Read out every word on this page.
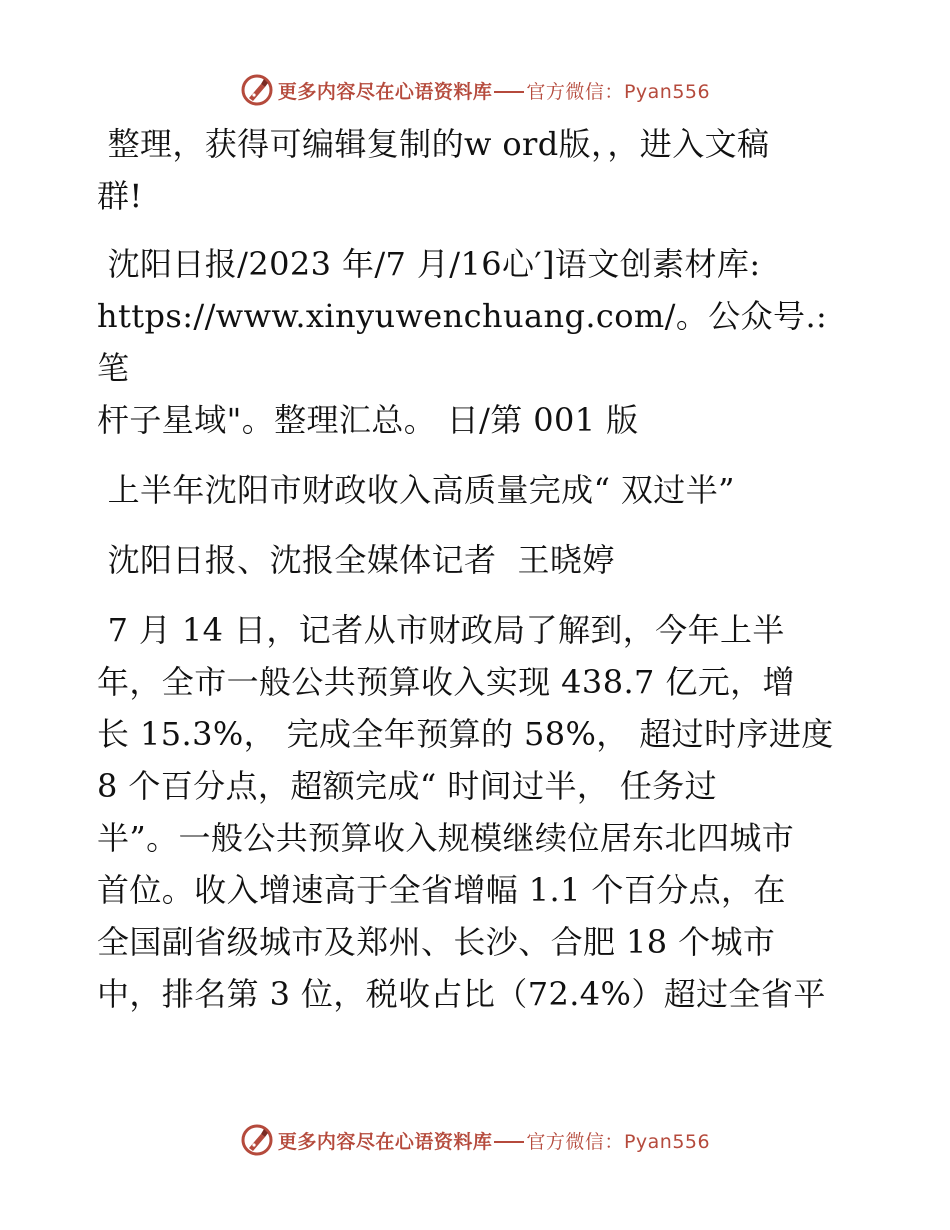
更多内容尽在心语资料库 官方微信：Pyan556

整理，获得可编辑复制的w ord版，，进入文稿
群!

沈阳日报/2023 年/7 月/16心′]语文创素材库:
https://www.xinyuwenchuang.com/。公众号.: 笔
杆子星域"。整理汇总。 日/第 001 版

上半年沈阳市财政收入高质量完成“ 双过半”

沈阳日报、沈报全媒体记者  王晓婷

7 月 14 日，记者从市财政局了解到，今年上半
年，全市一般公共预算收入实现 438.7 亿元，增
长 15.3%， 完成全年预算的 58%， 超过时序进度
8 个百分点，超额完成“ 时间过半， 任务过
半”。一般公共预算收入规模继续位居东北四城市
首位。收入增速高于全省增幅 1.1 个百分点，在
全国副省级城市及郑州、长沙、合肥 18 个城市
中，排名第 3 位，税收占比（72.4%）超过全省平

更多内容尽在心语资料库 官方微信：Pyan556
